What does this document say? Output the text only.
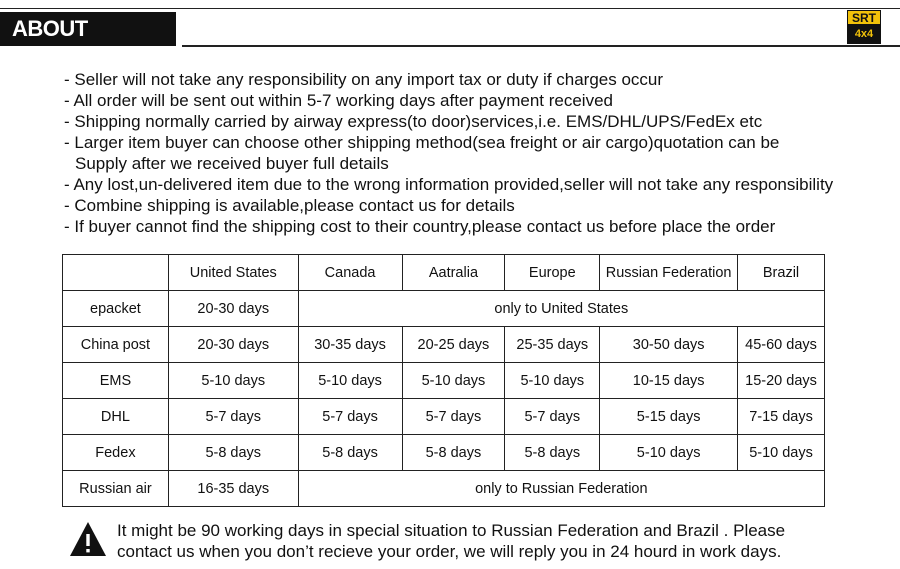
ABOUT SHIPPMENT
SRT
4x4
- Seller will not take any responsibility on any import tax or duty if charges occur
- All order will be sent out within 5-7 working days after payment received
- Shipping normally carried by airway express(to door)services,i.e. EMS/DHL/UPS/FedEx etc
- Larger item buyer can choose other shipping method(sea freight or air cargo)quotation can be
Supply after we received buyer full details
- Any lost,un-delivered item due to the wrong information provided,seller will not take any responsibility
- Combine shipping is available,please contact us for details
- If buyer cannot find the shipping cost to their country,please contact us before place the order
	United States	Canada	Aatralia	Europe	Russian Federation	Brazil
epacket	20-30 days	only to United States				
China post	20-30 days	30-35 days	20-25 days	25-35 days	30-50 days	45-60 days
EMS	5-10 days	5-10 days	5-10 days	5-10 days	10-15 days	15-20 days
DHL	5-7 days	5-7 days	5-7 days	5-7 days	5-15 days	7-15 days
Fedex	5-8 days	5-8 days	5-8 days	5-8 days	5-10 days	5-10 days
Russian air	16-35 days	only to Russian Federation				
It might be 90 working days in special situation to Russian Federation and Brazil . Please
contact us when you don’t recieve your order, we will reply you in 24 hourd in work days.
